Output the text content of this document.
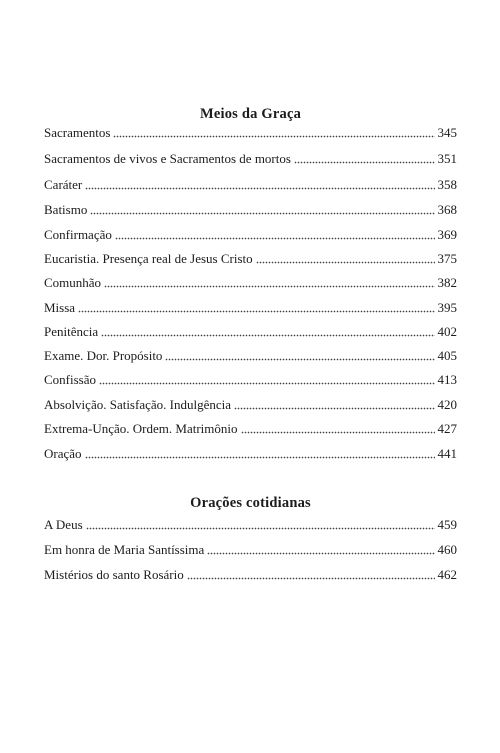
Meios da Graça
Sacramentos	345
Sacramentos de vivos e Sacramentos de mortos	351
Caráter	358
Batismo	368
Confirmação	369
Eucaristia. Presença real de Jesus Cristo	375
Comunhão	382
Missa	395
Penitência	402
Exame. Dor. Propósito	405
Confissão	413
Absolvição. Satisfação. Indulgência	420
Extrema-Unção. Ordem. Matrimônio	427
Oração	441
Orações cotidianas
A Deus	459
Em honra de Maria Santíssima	460
Mistérios do santo Rosário	462
